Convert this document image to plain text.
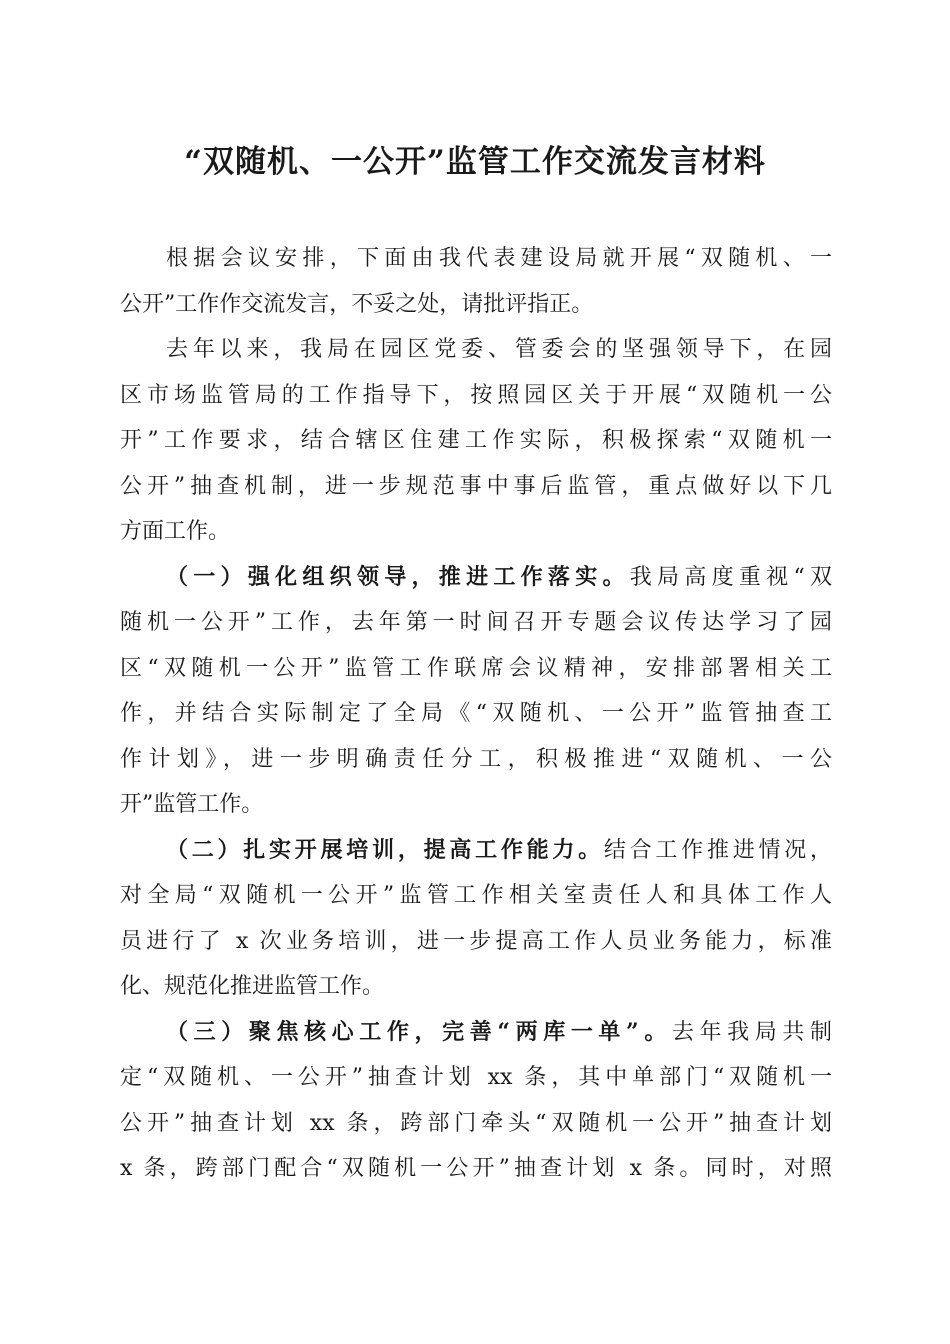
“双随机、一公开”监管工作交流发言材料

根据会议安排，下面由我代表建设局就开展“双随机、一
公开”工作作交流发言，不妥之处，请批评指正。

去年以来，我局在园区党委、管委会的坚强领导下，在园
区市场监管局的工作指导下，按照园区关于开展“双随机一公
开”工作要求，结合辖区住建工作实际，积极探索“双随机一
公开”抽查机制，进一步规范事中事后监管，重点做好以下几
方面工作。

（一）强化组织领导，推进工作落实。我局高度重视“双
随机一公开”工作，去年第一时间召开专题会议传达学习了园
区“双随机一公开”监管工作联席会议精神，安排部署相关工
作，并结合实际制定了全局《“双随机、一公开”监管抽查工
作计划》，进一步明确责任分工，积极推进“双随机、一公
开”监管工作。

（二）扎实开展培训，提高工作能力。结合工作推进情况，
对全局“双随机一公开”监管工作相关室责任人和具体工作人
员进行了 x 次业务培训，进一步提高工作人员业务能力，标准
化、规范化推进监管工作。

（三）聚焦核心工作，完善“两库一单”。去年我局共制
定“双随机、一公开”抽查计划 xx 条，其中单部门“双随机一
公开”抽查计划 xx 条，跨部门牵头“双随机一公开”抽查计划
x 条，跨部门配合“双随机一公开”抽查计划 x 条。同时，对照
